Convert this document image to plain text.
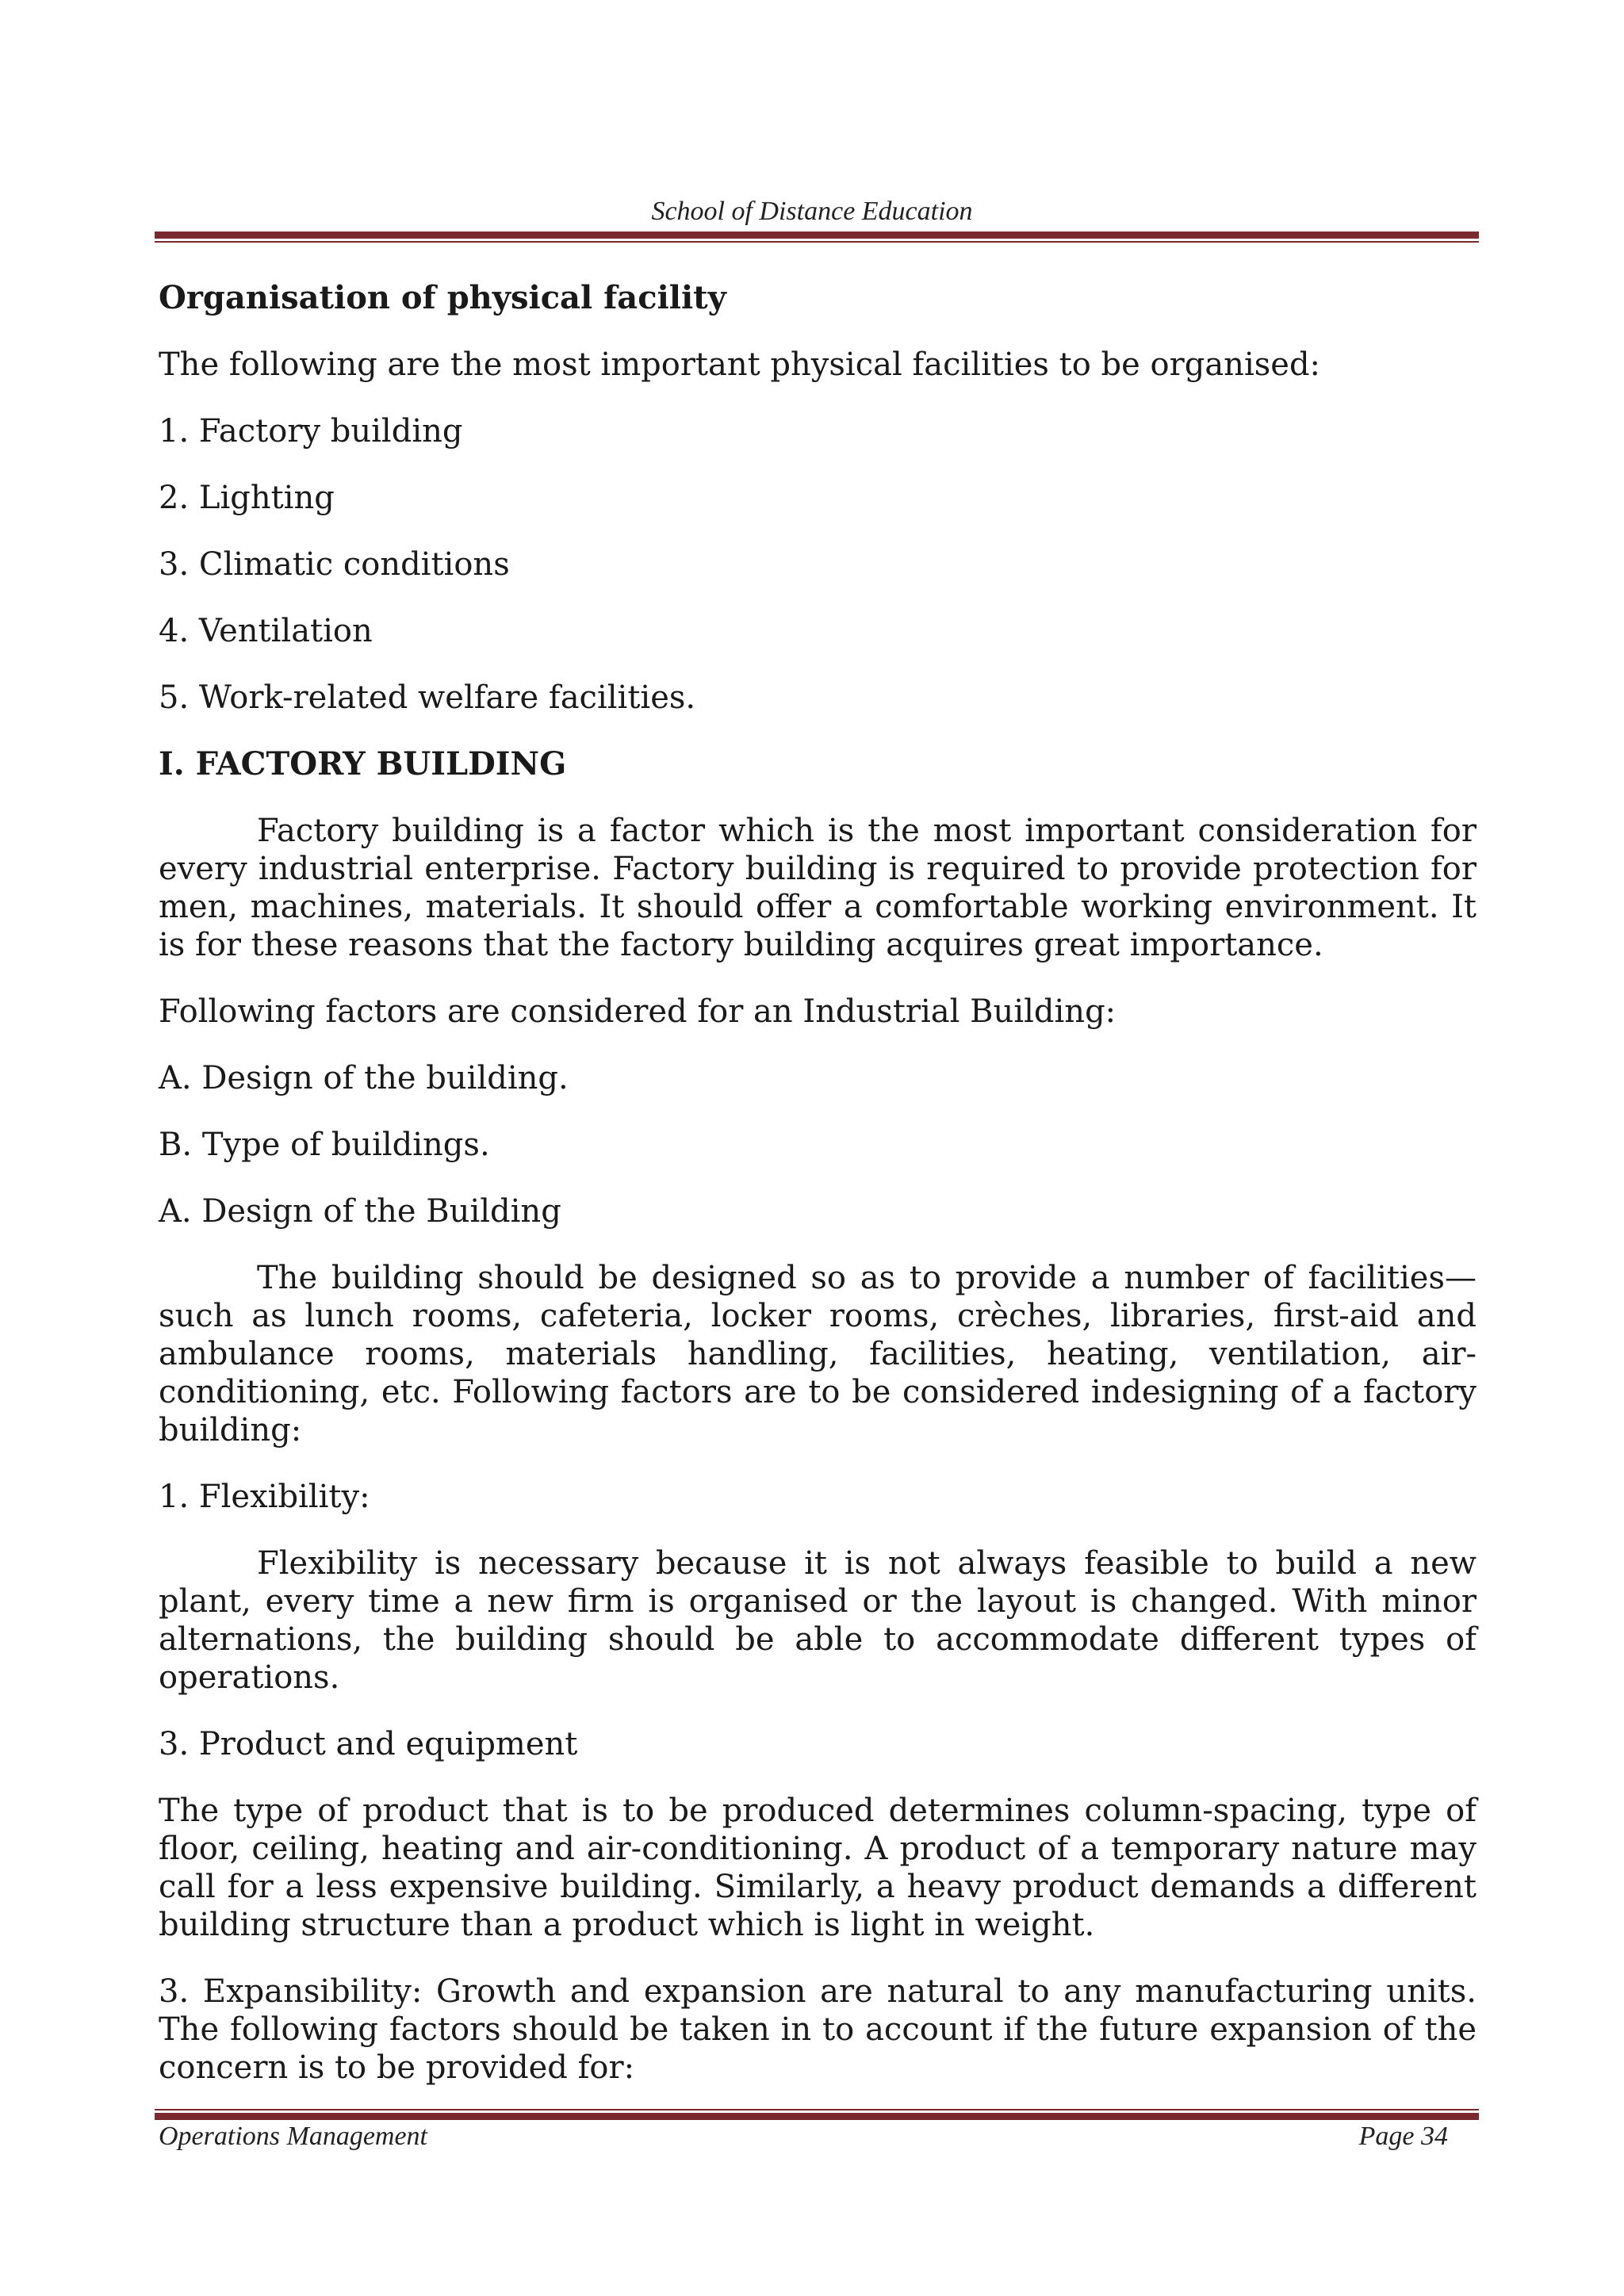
School of Distance Education

Organisation of physical facility

The following are the most important physical facilities to be organised:

1. Factory building

2. Lighting

3. Climatic conditions

4. Ventilation

5. Work-related welfare facilities.

I. FACTORY BUILDING

Factory building is a factor which is the most important consideration for every industrial enterprise. Factory building is required to provide protection for men, machines, materials. It should offer a comfortable working environment. It is for these reasons that the factory building acquires great importance.

Following factors are considered for an Industrial Building:

A. Design of the building.

B. Type of buildings.

A. Design of the Building

The building should be designed so as to provide a number of facilities—such as lunch rooms, cafeteria, locker rooms, crèches, libraries, first-aid and ambulance rooms, materials handling, facilities, heating, ventilation, air-conditioning, etc. Following factors are to be considered indesigning of a factory building:

1. Flexibility:

Flexibility is necessary because it is not always feasible to build a new plant, every time a new firm is organised or the layout is changed. With minor alternations, the building should be able to accommodate different types of operations.

3. Product and equipment

The type of product that is to be produced determines column-spacing, type of floor, ceiling, heating and air-conditioning. A product of a temporary nature may call for a less expensive building. Similarly, a heavy product demands a different building structure than a product which is light in weight.

3. Expansibility: Growth and expansion are natural to any manufacturing units. The following factors should be taken in to account if the future expansion of the concern is to be provided for:

Operations Management	Page 34
